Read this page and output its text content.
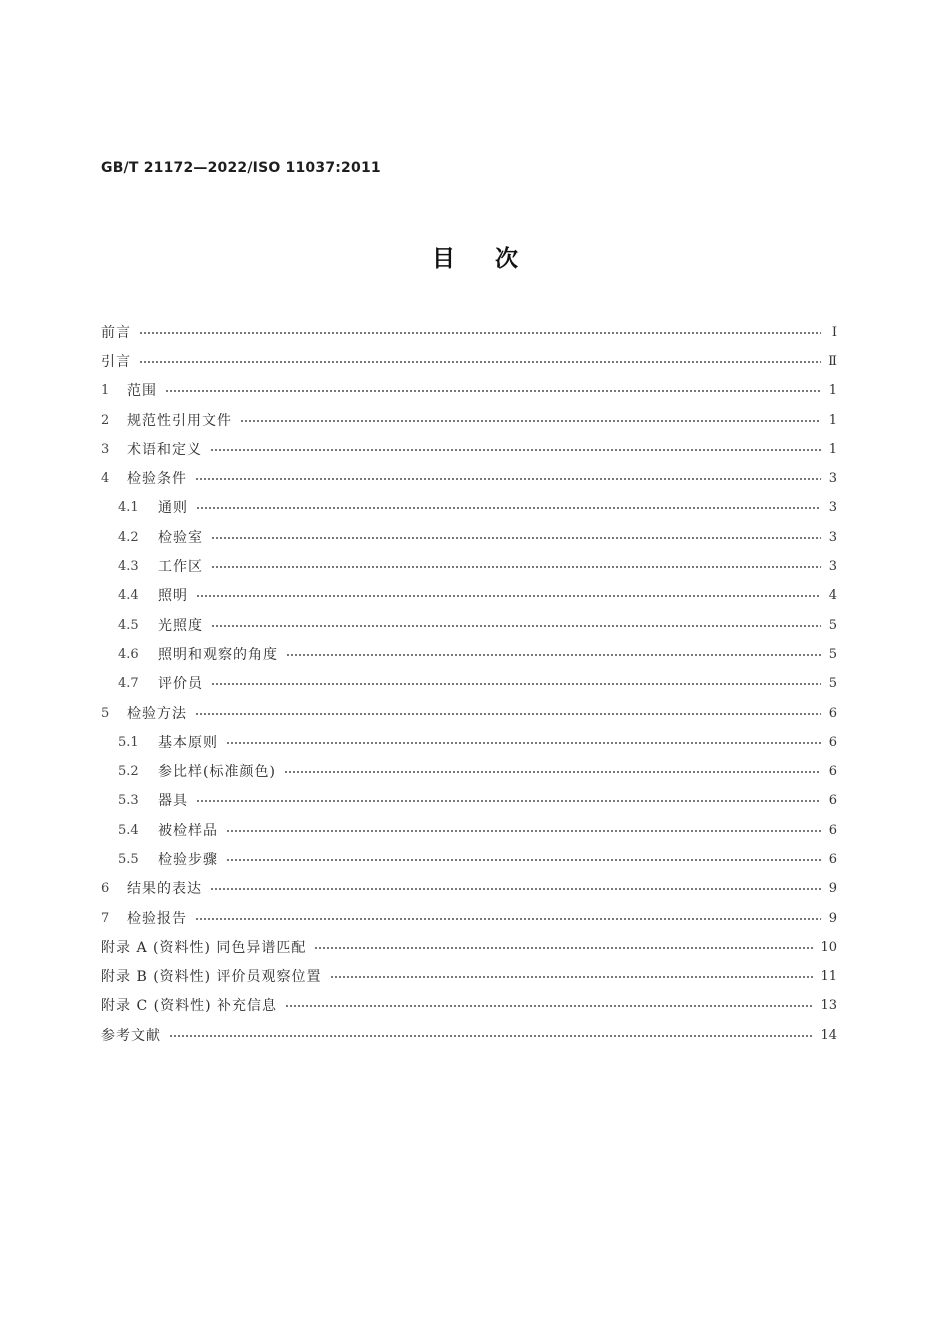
GB/T 21172—2022/ISO 11037:2011
目次
前言	Ⅰ
引言	Ⅱ
1	范围	1
2	规范性引用文件	1
3	术语和定义	1
4	检验条件	3
4.1	通则	3
4.2	检验室	3
4.3	工作区	3
4.4	照明	4
4.5	光照度	5
4.6	照明和观察的角度	5
4.7	评价员	5
5	检验方法	6
5.1	基本原则	6
5.2	参比样(标准颜色)	6
5.3	器具	6
5.4	被检样品	6
5.5	检验步骤	6
6	结果的表达	9
7	检验报告	9
附录 A (资料性) 同色异谱匹配	10
附录 B (资料性) 评价员观察位置	11
附录 C (资料性) 补充信息	13
参考文献	14
